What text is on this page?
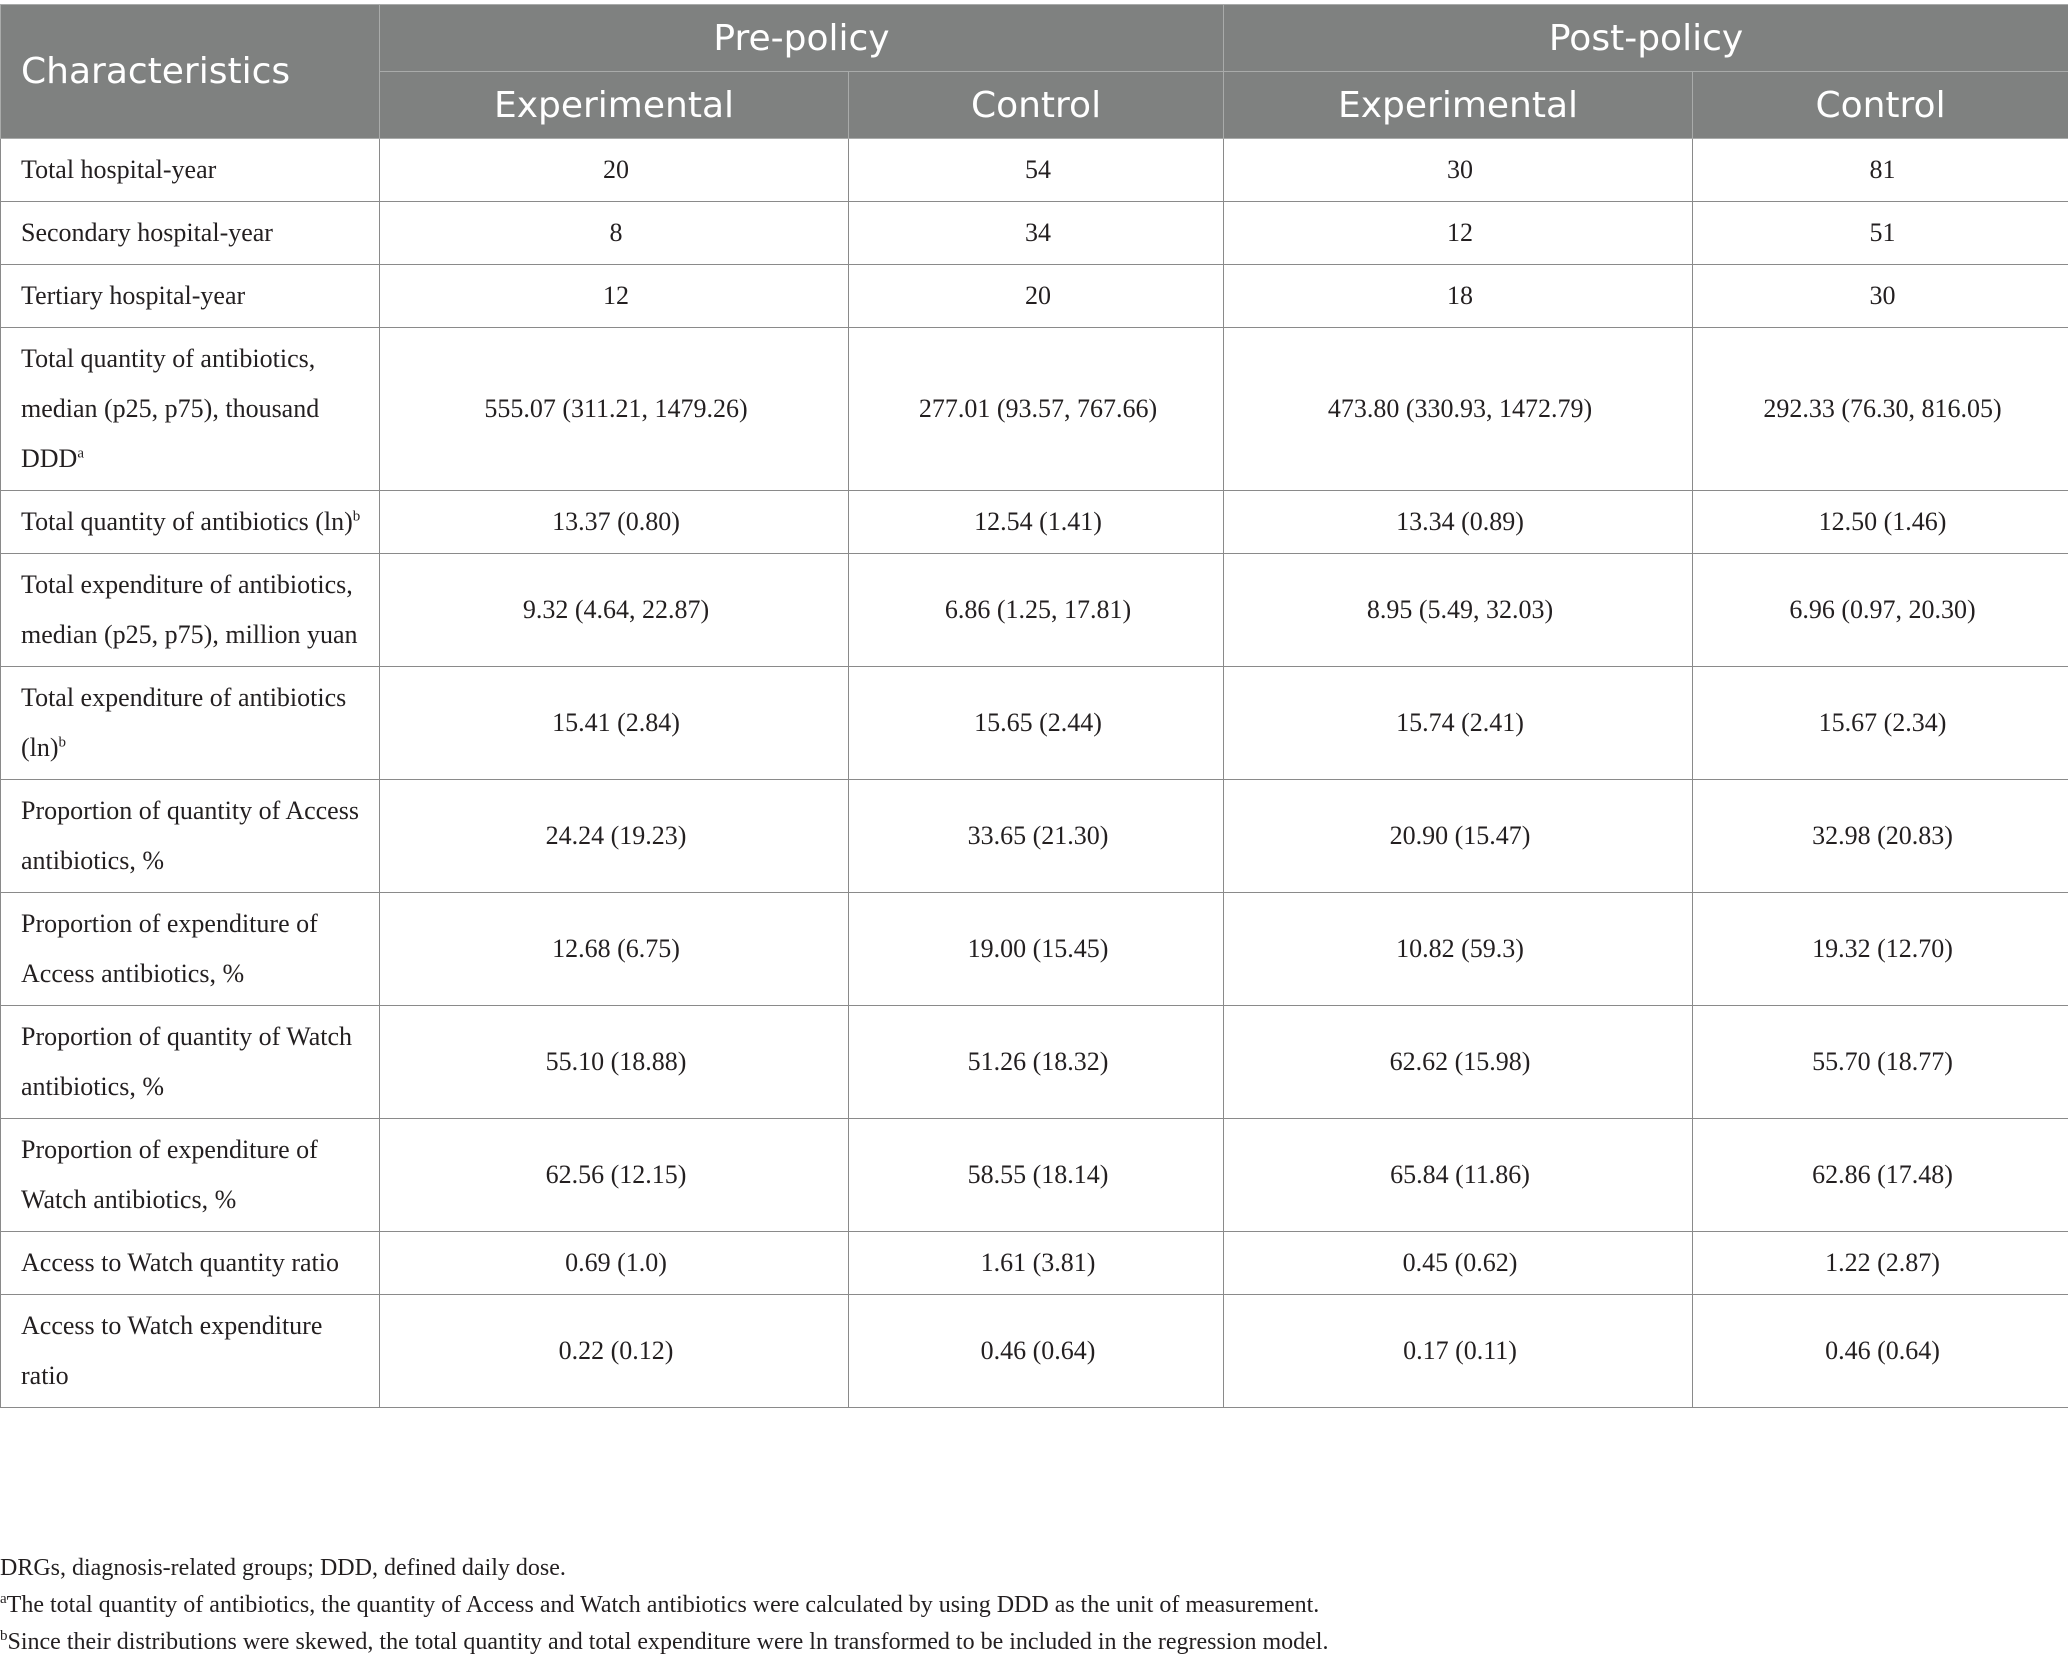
Characteristics	Pre-policy		Post-policy	
	Experimental	Control	Experimental	Control
Total hospital-year	20	54	30	81
Secondary hospital-year	8	34	12	51
Tertiary hospital-year	12	20	18	30
Total quantity of antibiotics, median (p25, p75), thousand DDD$^a$	555.07 (311.21, 1479.26)	277.01 (93.57, 767.66)	473.80 (330.93, 1472.79)	292.33 (76.30, 816.05)
Total quantity of antibiotics $(\ln)^b$	13.37 (0.80)	12.54 (1.41)	13.34 (0.89)	12.50 (1.46)
Total expenditure of antibiotics, median (p25, p75), million yuan	9.32 (4.64, 22.87)	6.86 (1.25, 17.81)	8.95 (5.49, 32.03)	6.96 (0.97, 20.30)
Total expenditure of antibiotics $(\ln)^b$	15.41 (2.84)	15.65 (2.44)	15.74 (2.41)	15.67 (2.34)
Proportion of quantity of Access antibiotics, %	24.24 (19.23)	33.65 (21.30)	20.90 (15.47)	32.98 (20.83)
Proportion of expenditure of Access antibiotics, %	12.68 (6.75)	19.00 (15.45)	10.82 (59.3)	19.32 (12.70)
Proportion of quantity of Watch antibiotics, %	55.10 (18.88)	51.26 (18.32)	62.62 (15.98)	55.70 (18.77)
Proportion of expenditure of Watch antibiotics, %	62.56 (12.15)	58.55 (18.14)	65.84 (11.86)	62.86 (17.48)
Access to Watch quantity ratio	0.69 (1.0)	1.61 (3.81)	0.45 (0.62)	1.22 (2.87)
Access to Watch expenditure ratio	0.22 (0.12)	0.46 (0.64)	0.17 (0.11)	0.46 (0.64)

DRGs, diagnosis-related groups; DDD, defined daily dose.

$^a$The total quantity of antibiotics, the quantity of Access and Watch antibiotics were calculated by using DDD as the unit of measurement.

$^b$Since their distributions were skewed, the total quantity and total expenditure were ln transformed to be included in the regression model.
